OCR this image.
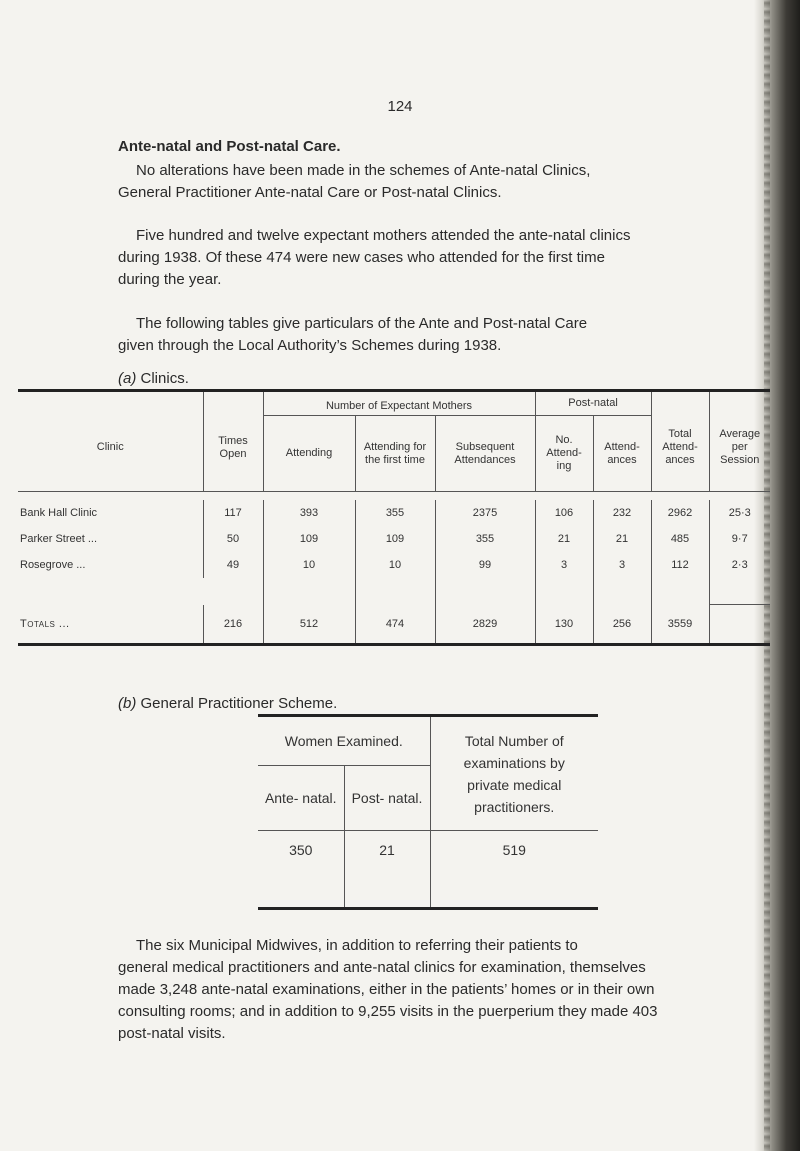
124
Ante-natal and Post-natal Care.
No alterations have been made in the schemes of Ante-natal Clinics,
General Practitioner Ante-natal Care or Post-natal Clinics.
Five hundred and twelve expectant mothers attended the ante-natal clinics
during 1938. Of these 474 were new cases who attended for the first time
during the year.
The following tables give particulars of the Ante and Post-natal Care
given through the Local Authority’s Schemes during 1938.
(a) Clinics.
Clinic	Times Open	Number of Expectant Mothers			Post-natal		Total Attend- ances	Average per Session
		Attending	Attending for the first time	Subsequent Attendances	No. Attend- ing	Attend- ances		

Bank Hall Clinic	117	393	355	2375	106	232	2962	25·3
Parker Street ...	50	109	109	355	21	21	485	9·7
Rosegrove ...	49	10	10	99	3	3	112	2·3

Totals ...	216	512	474	2829	130	256	3559	
(b) General Practitioner Scheme.
Women Examined.		Total Number of examinations by private medical practitioners.
Ante- natal.	Post- natal.	
350	21	519

The six Municipal Midwives, in addition to referring their patients to
general medical practitioners and ante-natal clinics for examination, themselves
made 3,248 ante-natal examinations, either in the patients’ homes or in their own
consulting rooms; and in addition to 9,255 visits in the puerperium they made 403
post-natal visits.
